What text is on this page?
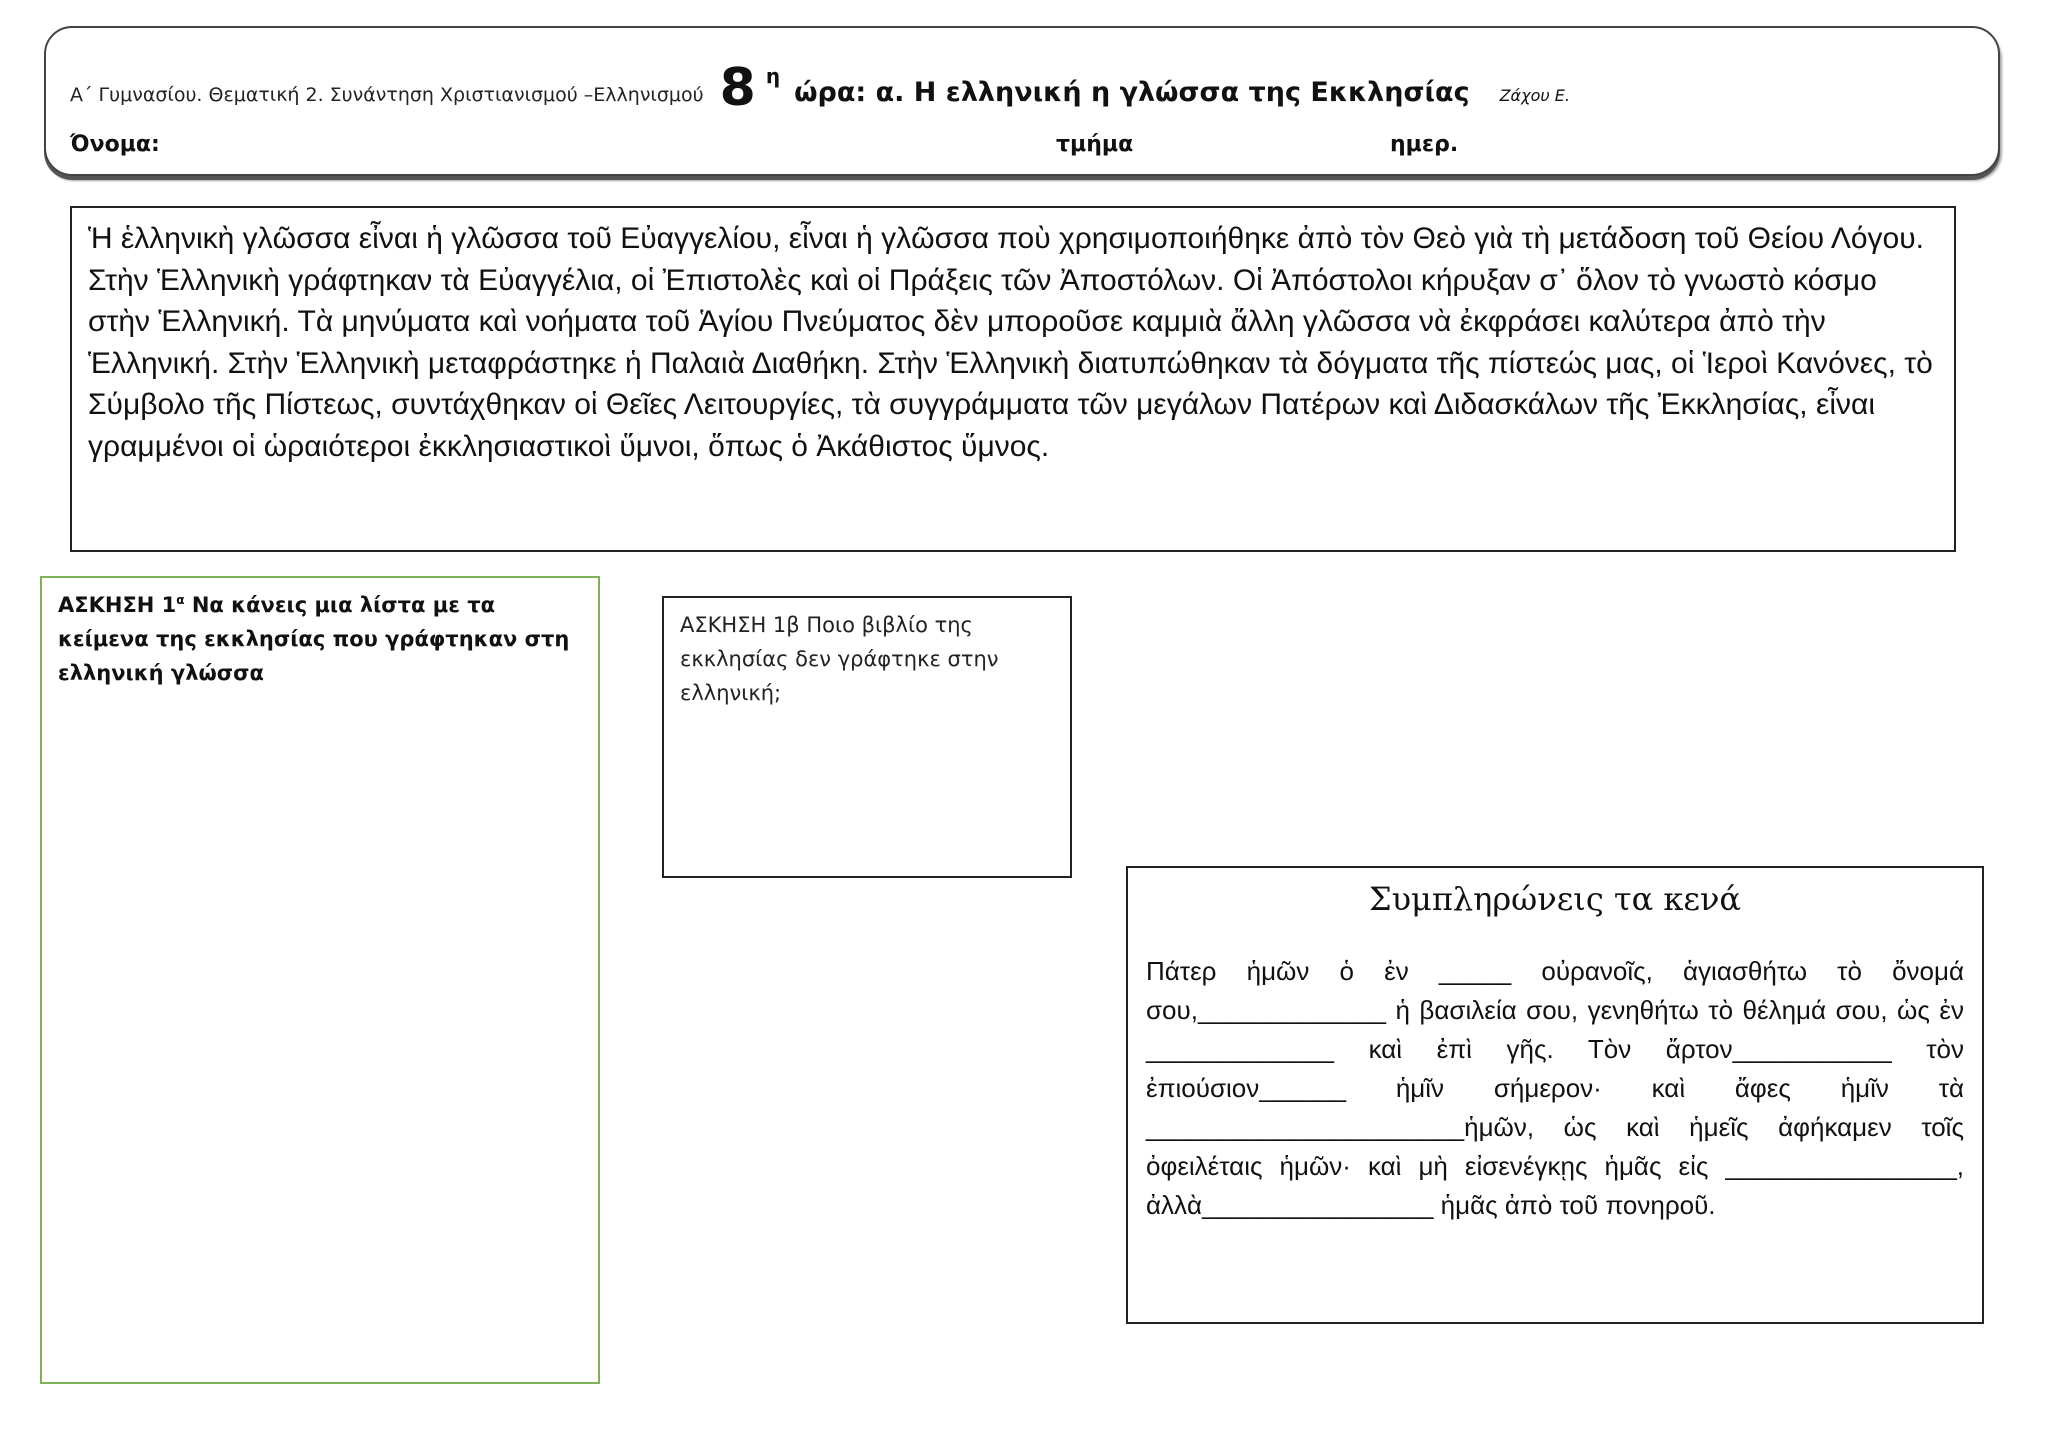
Α΄ Γυμνασίου. Θεματική 2. Συνάντηση Χριστιανισμού –Ελληνισμού 8 η
ώρα: α. Η ελληνική η γλώσσα της Εκκλησίας Ζάχου Ε.
Όνομα:	τμήμα	ημερ.

Ἡ ἑλληνικὴ γλῶσσα εἶναι ἡ γλῶσσα τοῦ Εὐαγγελίου, εἶναι ἡ γλῶσσα ποὺ χρησιμοποιήθηκε ἀπὸ τὸν Θεὸ γιὰ τὴ μετάδοση τοῦ Θείου Λόγου. Στὴν Ἑλληνικὴ γράφτηκαν τὰ Εὐαγγέλια, οἱ Ἐπιστολὲς καὶ οἱ Πράξεις τῶν Ἀποστόλων. Οἱ Ἀπόστολοι κήρυξαν σ᾽ ὅλον τὸ γνωστὸ κόσμο στὴν Ἑλληνική. Τὰ μηνύματα καὶ νοήματα τοῦ Ἁγίου Πνεύματος δὲν μποροῦσε καμμιὰ ἄλλη γλῶσσα νὰ ἐκφράσει καλύτερα ἀπὸ τὴν Ἑλληνική. Στὴν Ἑλληνικὴ μεταφράστηκε ἡ Παλαιὰ Διαθήκη. Στὴν Ἑλληνικὴ διατυπώθηκαν τὰ δόγματα τῆς πίστεώς μας, οἱ Ἱεροὶ Κανόνες, τὸ Σύμβολο τῆς Πίστεως, συντάχθηκαν οἱ Θεῖες Λειτουργίες, τὰ συγγράμματα τῶν μεγάλων Πατέρων καὶ Διδασκάλων τῆς Ἐκκλησίας, εἶναι γραμμένοι οἱ ὡραιότεροι ἐκκλησιαστικοὶ ὕμνοι, ὅπως ὁ Ἀκάθιστος ὕμνος.

ΑΣΚΗΣΗ $1^\alpha$ Να κάνεις μια λίστα με τα κείμενα της εκκλησίας που γράφτηκαν στη ελληνική γλώσσα
ΑΣΚΗΣΗ 1β Ποιο βιβλίο της εκκλησίας δεν γράφτηκε στην ελληνική;

Συμπληρώνεις τα κενά

Πάτερ ἡμῶν ὁ ἐν _____ οὐρανοῖς, ἁγιασθήτω τὸ ὄνομά σου,_____________ ἡ βασιλεία σου, γενηθήτω τὸ θέλημά σου, ὡς ἐν _____________ καὶ ἐπὶ γῆς. Τὸν ἄρτον___________ τὸν ἐπιούσιον______ ἡμῖν σήμερον· καὶ ἄφες ἡμῖν τὰ ______________________ἡμῶν, ὡς καὶ ἡμεῖς ἀφήκαμεν τοῖς ὀφειλέταις ἡμῶν· καὶ μὴ εἰσενέγκῃς ἡμᾶς εἰς ________________, ἀλλὰ________________ ἡμᾶς ἀπὸ τοῦ πονηροῦ.
